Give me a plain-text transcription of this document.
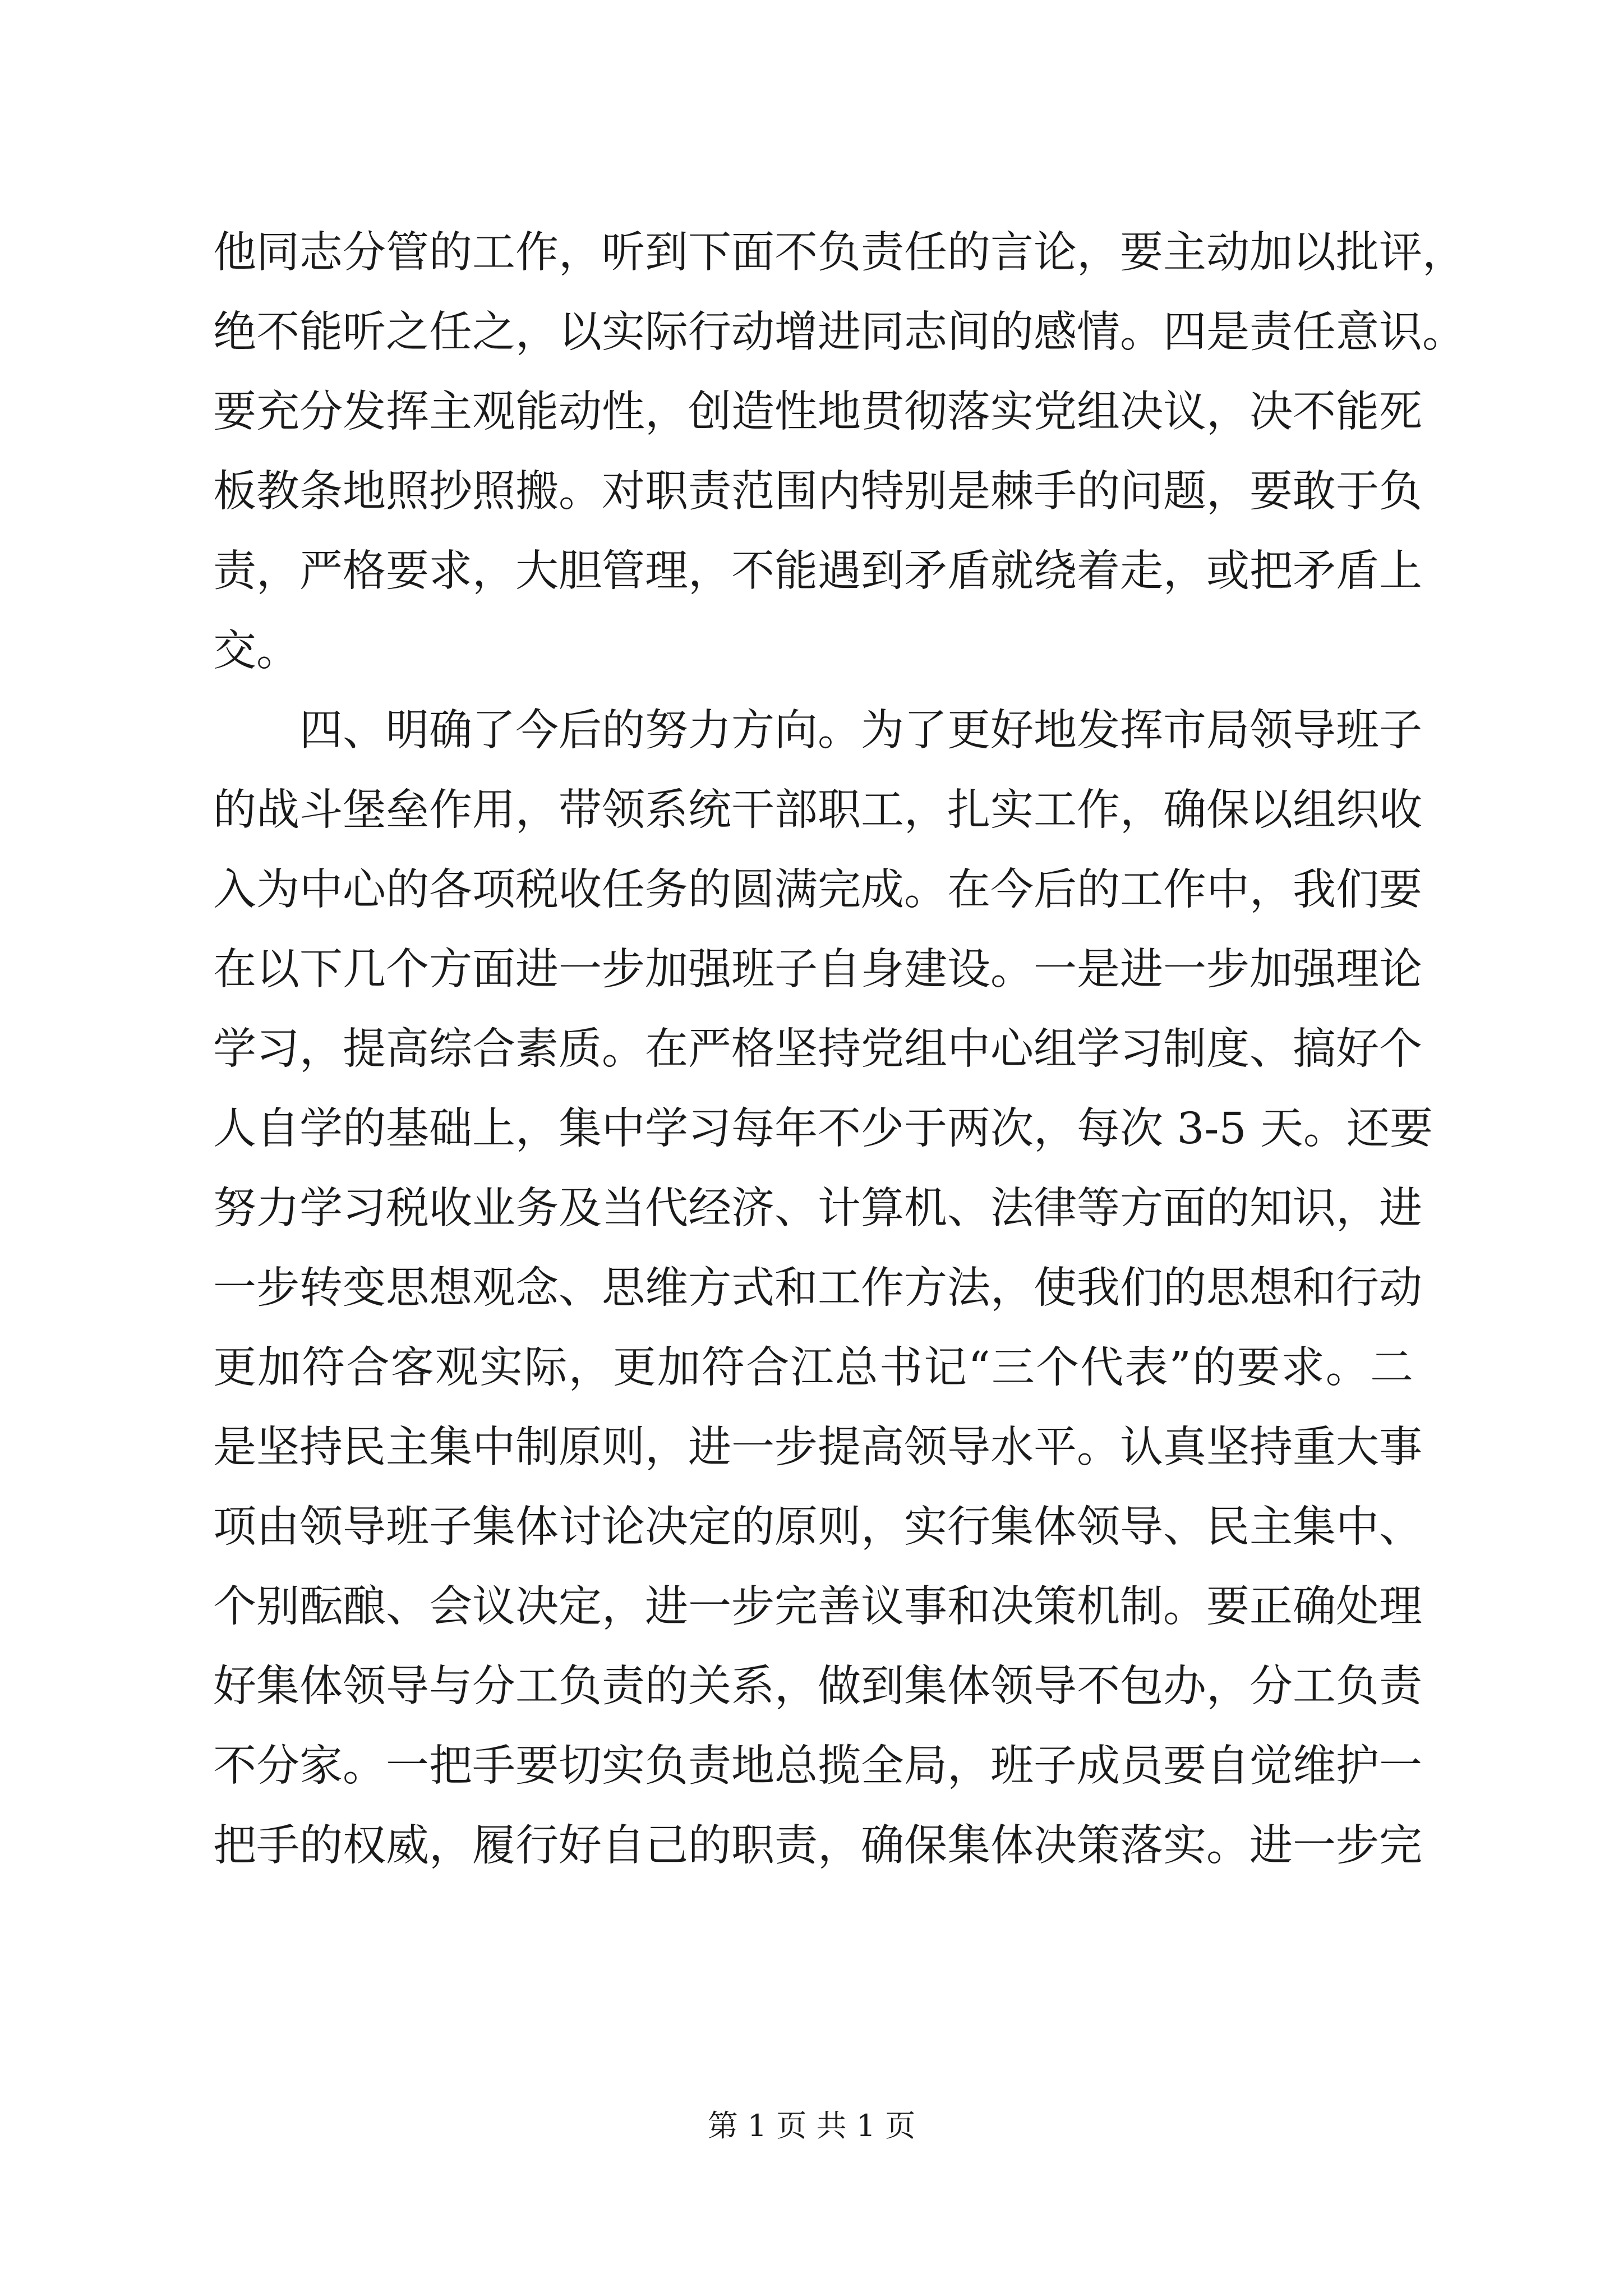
他同志分管的工作，听到下面不负责任的言论，要主动加以批评，
绝不能听之任之，以实际行动增进同志间的感情。四是责任意识。
要充分发挥主观能动性，创造性地贯彻落实党组决议，决不能死
板教条地照抄照搬。对职责范围内特别是棘手的问题，要敢于负
责，严格要求，大胆管理，不能遇到矛盾就绕着走，或把矛盾上
交。
　　四、明确了今后的努力方向。为了更好地发挥市局领导班子
的战斗堡垒作用，带领系统干部职工，扎实工作，确保以组织收
入为中心的各项税收任务的圆满完成。在今后的工作中，我们要
在以下几个方面进一步加强班子自身建设。一是进一步加强理论
学习，提高综合素质。在严格坚持党组中心组学习制度、搞好个
人自学的基础上，集中学习每年不少于两次，每次 3-5 天。还要
努力学习税收业务及当代经济、计算机、法律等方面的知识，进
一步转变思想观念、思维方式和工作方法，使我们的思想和行动
更加符合客观实际，更加符合江总书记“三个代表”的要求。二
是坚持民主集中制原则，进一步提高领导水平。认真坚持重大事
项由领导班子集体讨论决定的原则，实行集体领导、民主集中、
个别酝酿、会议决定，进一步完善议事和决策机制。要正确处理
好集体领导与分工负责的关系，做到集体领导不包办，分工负责
不分家。一把手要切实负责地总揽全局，班子成员要自觉维护一
把手的权威，履行好自己的职责，确保集体决策落实。进一步完
第 1 页 共 1 页
